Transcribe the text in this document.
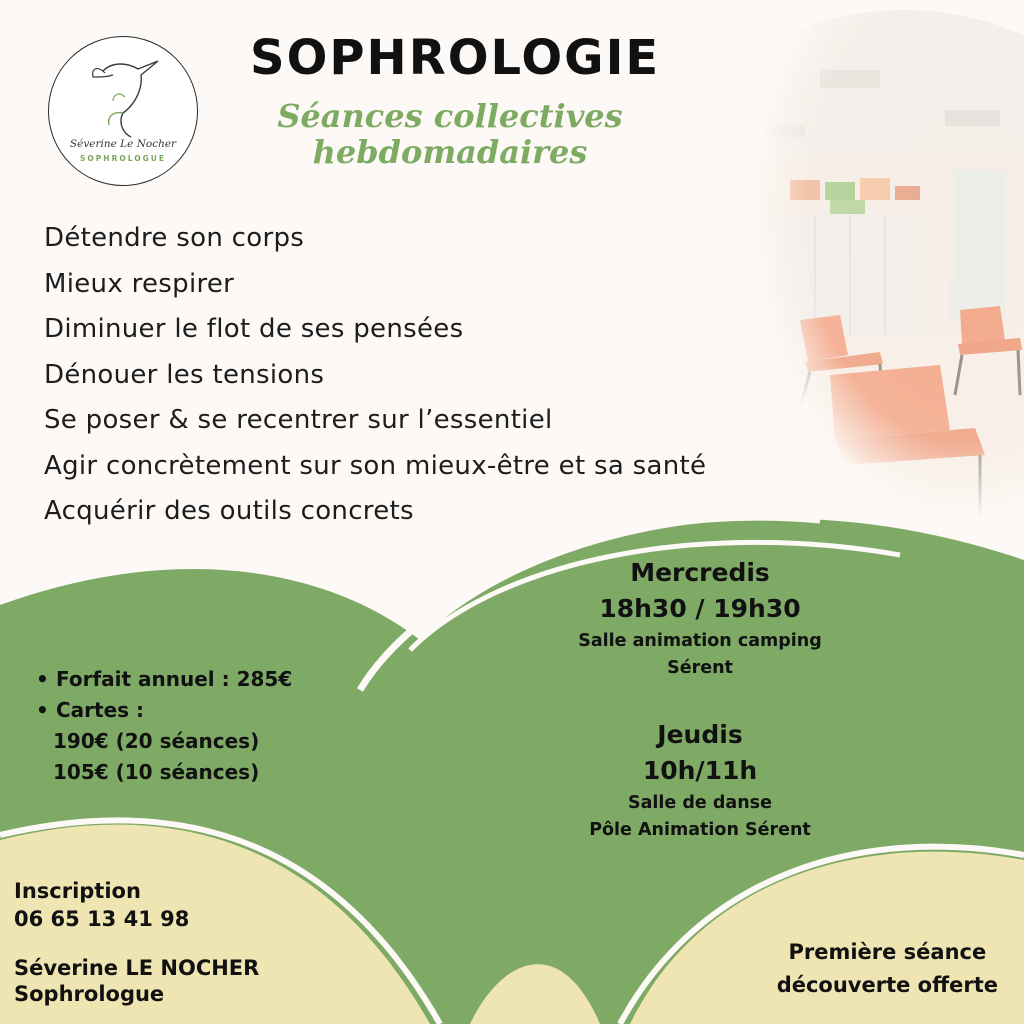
Séverine Le Nocher
SOPHROLOGUE
SOPHROLOGIE
Séances collectives
hebdomadaires
Détendre son corps
Mieux respirer
Diminuer le flot de ses pensées
Dénouer les tensions
Se poser & se recentrer sur l’essentiel
Agir concrètement sur son mieux-être et sa santé
Acquérir des outils concrets
• Forfait annuel : 285€
• Cartes :
190€ (20 séances)
105€ (10 séances)
Mercredis
18h30 / 19h30
Salle animation camping
Sérent
Jeudis
10h/11h
Salle de danse
Pôle Animation Sérent
Inscription
06 65 13 41 98
Séverine LE NOCHER
Sophrologue
Première séance
découverte offerte
